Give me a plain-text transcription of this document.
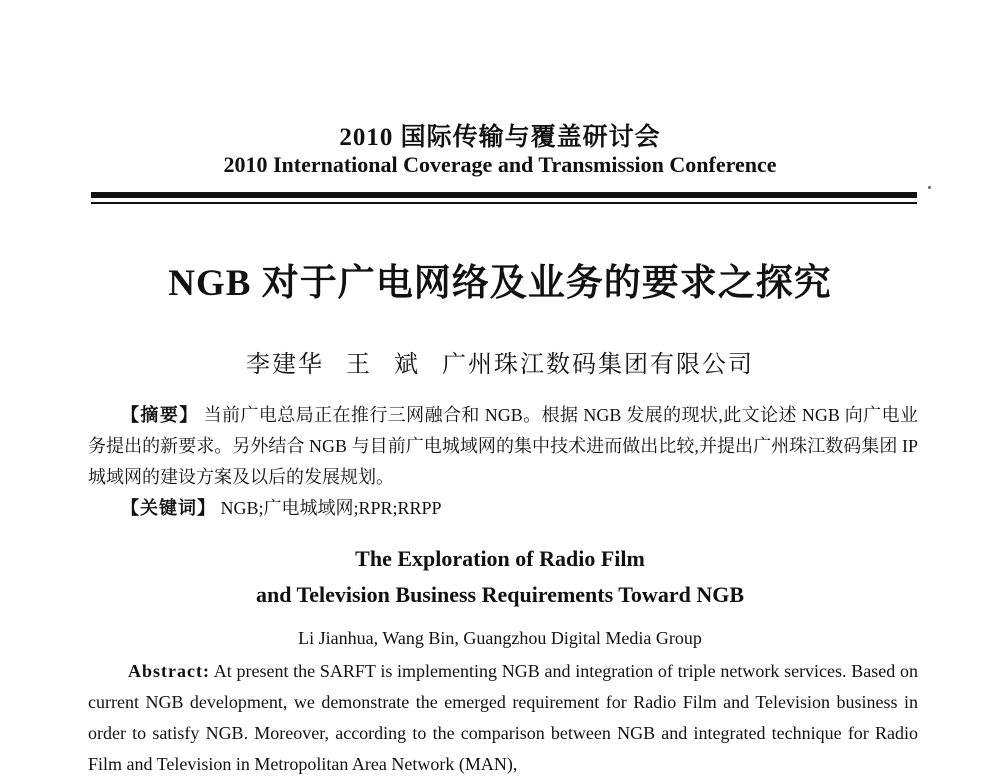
2010 国际传输与覆盖研讨会
2010 International Coverage and Transmission Conference
NGB 对于广电网络及业务的要求之探究
李建华 王 斌 广州珠江数码集团有限公司
【摘要】 当前广电总局正在推行三网融合和 NGB。根据 NGB 发展的现状,此文论述 NGB 向广电业务提出的新要求。另外结合 NGB 与目前广电城域网的集中技术进而做出比较,并提出广州珠江数码集团 IP 城域网的建设方案及以后的发展规划。
【关键词】 NGB;广电城域网;RPR;RRPP
The Exploration of Radio Film
and Television Business Requirements Toward NGB
Li Jianhua, Wang Bin, Guangzhou Digital Media Group
Abstract: At present the SARFT is implementing NGB and integration of triple network services. Based on current NGB development, we demonstrate the emerged requirement for Radio Film and Television business in order to satisfy NGB. Moreover, according to the comparison between NGB and integrated technique for Radio Film and Television in Metropolitan Area Network (MAN),
